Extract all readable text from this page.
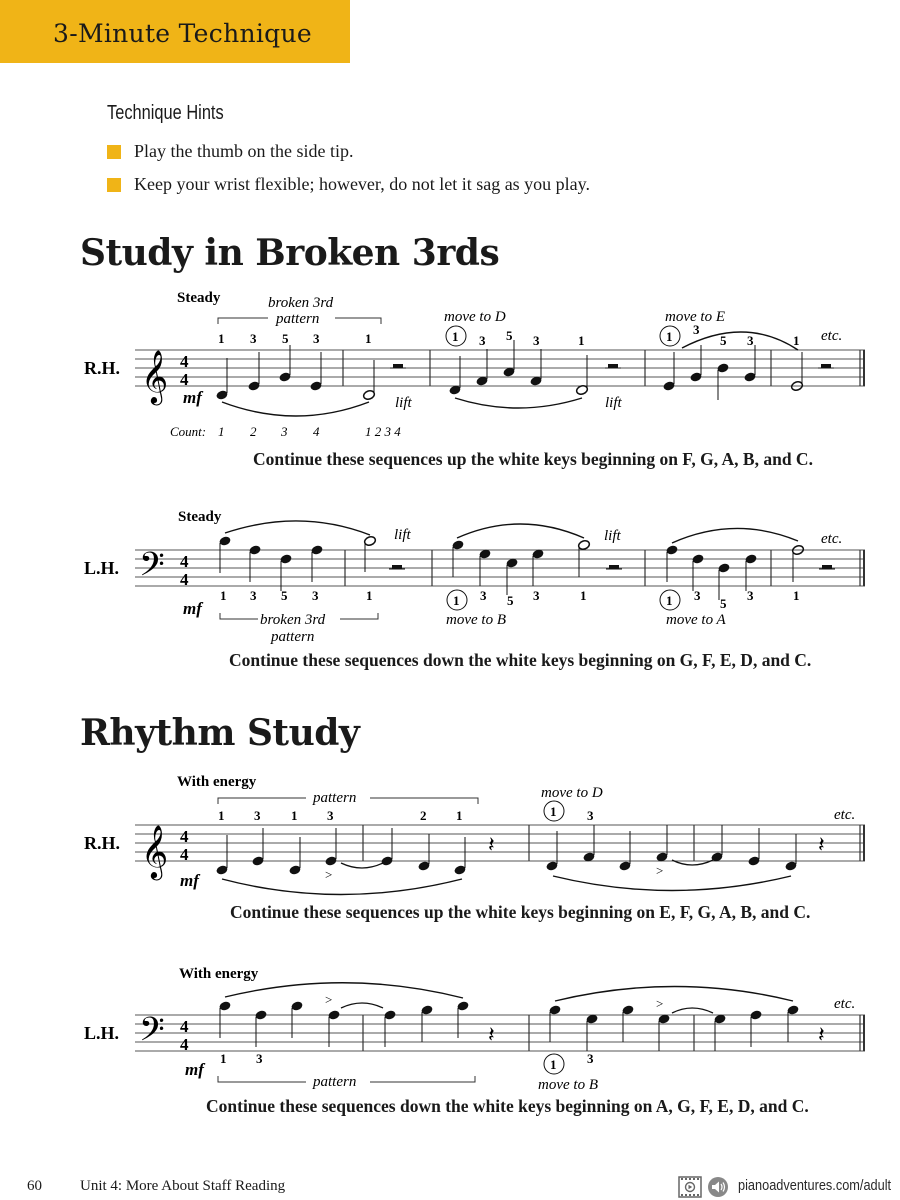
3-Minute Technique
Technique Hints
Play the thumb on the side tip.
Keep your wrist flexible; however, do not let it sag as you play.
Study in Broken 3rds
R.H. 𝄞 4
4
Steady	broken 3rd
pattern
mf	lift
1 3 5 3	1
Count: 1 2 3 4	1 2 3 4
move to D
1
lift
3 5 3	1
move to E
1 3
5 3	1 etc.
Continue these sequences up the white keys beginning on F, G, A, B, and C.
L.H. 𝄢 4
4
Steady
mf
lift
1 3 5 3	1
broken 3rd
pattern
lift
1 3 5 3	1
move to B
1 3
5
3	1
move to A
etc.
Continue these sequences down the white keys beginning on G, F, E, D, and C.
Rhythm Study
R.H. 𝄞 4
4
With energy
pattern
mf	>
𝄽
1 3 1 3	2 1
move to D
1 3
>
𝄽
etc.
Continue these sequences up the white keys beginning on E, F, G, A, B, and C.
L.H. 𝄢 4
4
With energy
mf
>
𝄽
1 3
pattern
>
𝄽
1 3
move to B
etc.
Continue these sequences down the white keys beginning on A, G, F, E, D, and C.
60	Unit 4: More About Staff Reading	pianoadventures.com/adult
